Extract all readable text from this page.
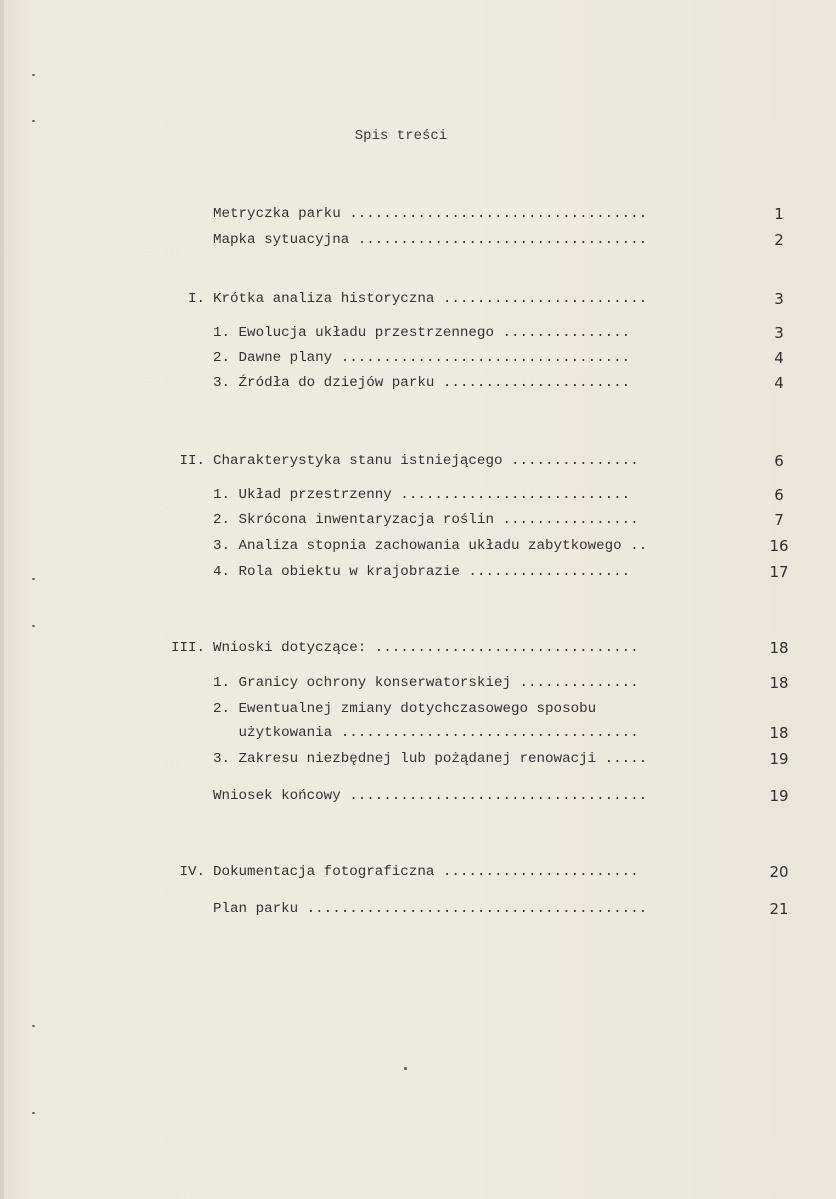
Spis treści
Metryczka parku ...................................	1
Mapka sytuacyjna ..................................	2
I. Krótka analiza historyczna ........................	3
1. Ewolucja układu przestrzennego ...............	3
2. Dawne plany ..................................	4
3. Źródła do dziejów parku ......................	4
II. Charakterystyka stanu istniejącego ...............	6
1. Układ przestrzenny ...........................	6
2. Skrócona inwentaryzacja roślin ................	7
3. Analiza stopnia zachowania układu zabytkowego ..	16
4. Rola obiektu w krajobrazie ...................	17
III. Wnioski dotyczące: ...............................	18
1. Granicy ochrony konserwatorskiej ..............	18
2. Ewentualnej zmiany dotychczasowego sposobu
użytkowania ...................................	18
3. Zakresu niezbędnej lub pożądanej renowacji .....	19
Wniosek końcowy ...................................	19
IV. Dokumentacja fotograficzna .......................	20
Plan parku ........................................	21
